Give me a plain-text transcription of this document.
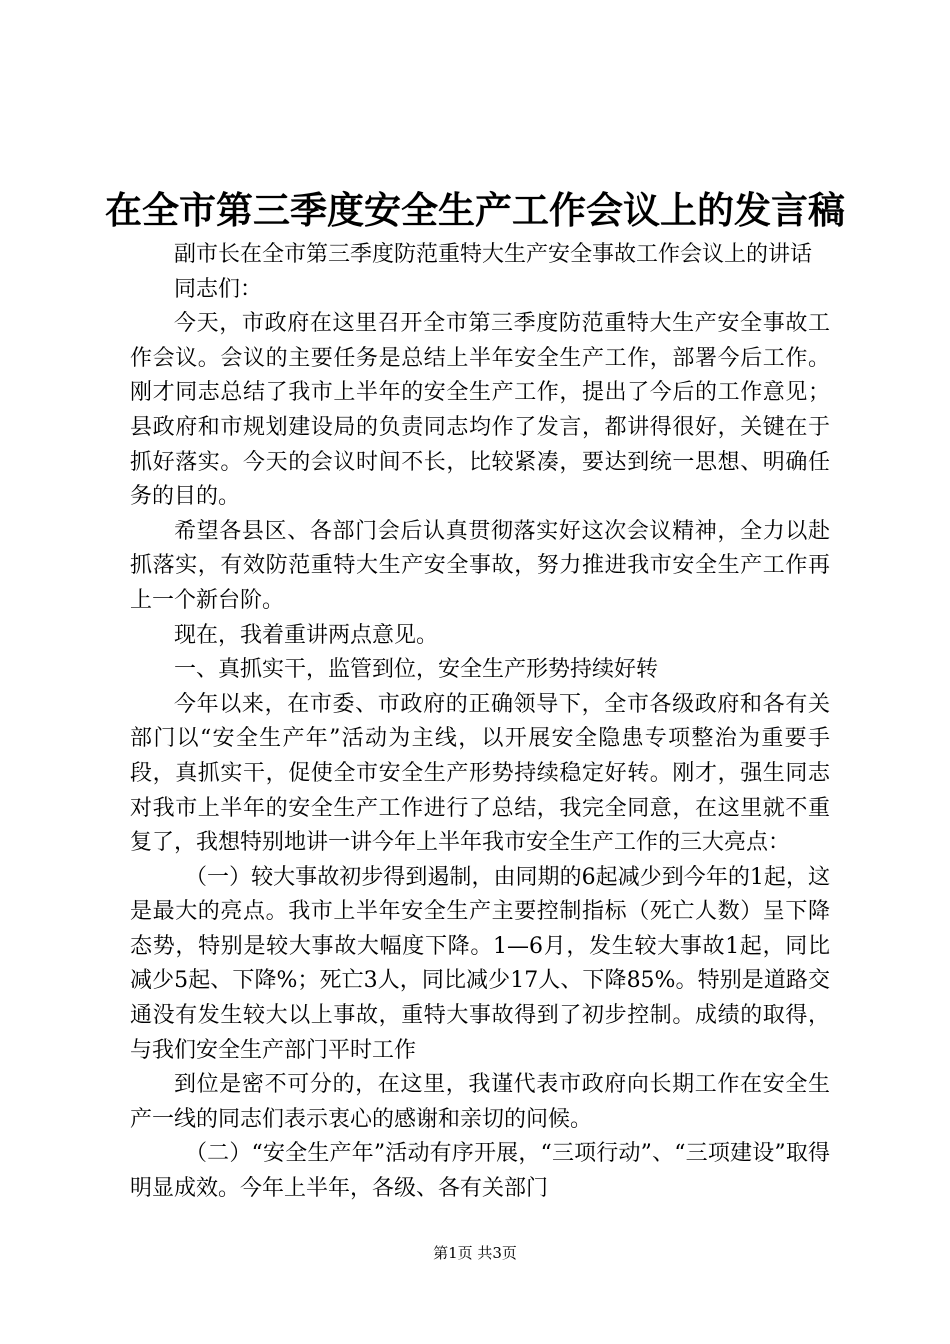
在全市第三季度安全生产工作会议上的发言稿

副市长在全市第三季度防范重特大生产安全事故工作会议上的讲话

同志们：

今天，市政府在这里召开全市第三季度防范重特大生产安全事故工作会议。会议的主要任务是总结上半年安全生产工作，部署今后工作。刚才同志总结了我市上半年的安全生产工作，提出了今后的工作意见；县政府和市规划建设局的负责同志均作了发言，都讲得很好，关键在于抓好落实。今天的会议时间不长，比较紧凑，要达到统一思想、明确任务的目的。

希望各县区、各部门会后认真贯彻落实好这次会议精神，全力以赴抓落实，有效防范重特大生产安全事故，努力推进我市安全生产工作再上一个新台阶。

现在，我着重讲两点意见。

一、真抓实干，监管到位，安全生产形势持续好转

今年以来，在市委、市政府的正确领导下，全市各级政府和各有关部门以“安全生产年”活动为主线，以开展安全隐患专项整治为重要手段，真抓实干，促使全市安全生产形势持续稳定好转。刚才，强生同志对我市上半年的安全生产工作进行了总结，我完全同意，在这里就不重复了，我想特别地讲一讲今年上半年我市安全生产工作的三大亮点：

（一）较大事故初步得到遏制，由同期的6起减少到今年的1起，这是最大的亮点。我市上半年安全生产主要控制指标（死亡人数）呈下降态势，特别是较大事故大幅度下降。1—6月，发生较大事故1起，同比减少5起、下降%；死亡3人，同比减少17人、下降85%。特别是道路交通没有发生较大以上事故，重特大事故得到了初步控制。成绩的取得，与我们安全生产部门平时工作

到位是密不可分的，在这里，我谨代表市政府向长期工作在安全生产一线的同志们表示衷心的感谢和亲切的问候。

（二）“安全生产年”活动有序开展，“三项行动”、“三项建设”取得明显成效。今年上半年，各级、各有关部门

第1页 共3页
